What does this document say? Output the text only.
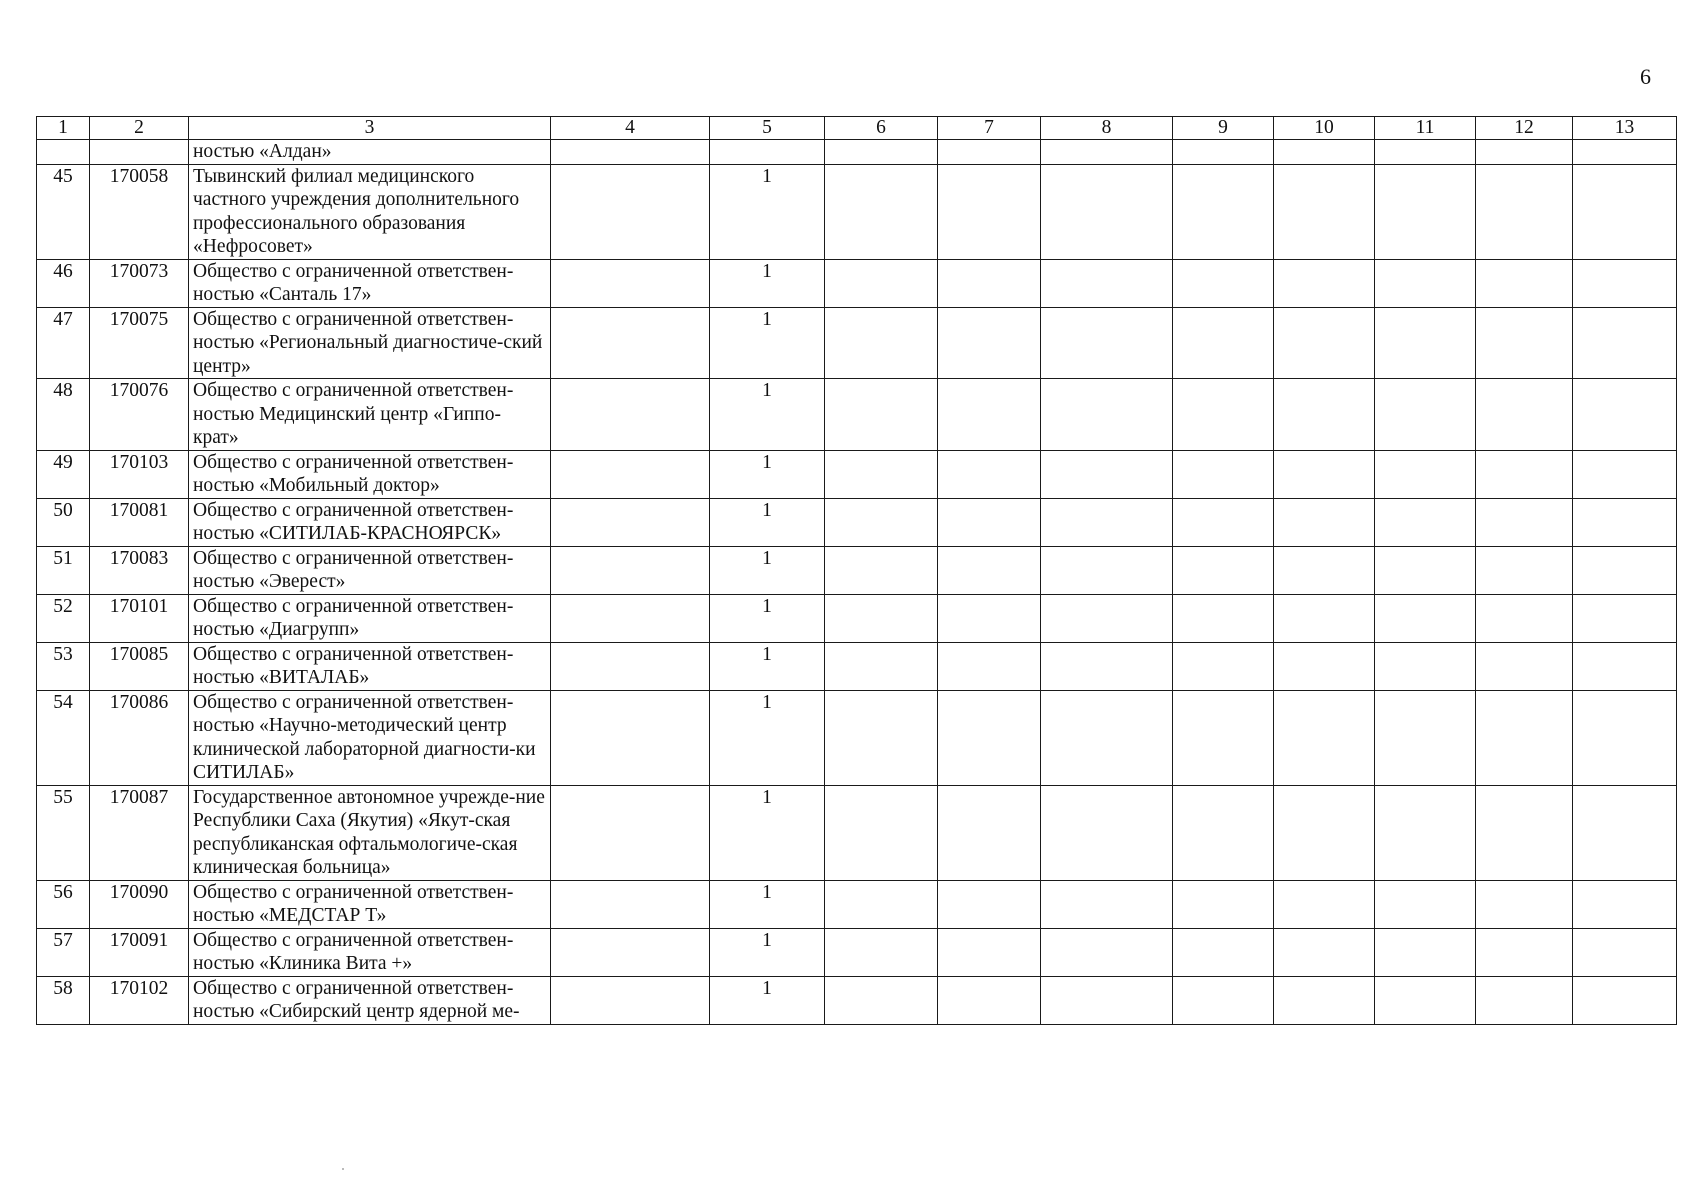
6
1	2	3	4	5	6	7	8	9	10	11	12	13
		ностью «Алдан»										
45	170058	Тывинский филиал медицинского частного учреждения дополнительного профессионального образования «Нефросовет»		1								
46	170073	Общество с ограниченной ответствен-ностью «Санталь 17»		1								
47	170075	Общество с ограниченной ответствен-ностью «Региональный диагностиче-ский центр»		1								
48	170076	Общество с ограниченной ответствен-ностью Медицинский центр «Гиппо-крат»		1								
49	170103	Общество с ограниченной ответствен-ностью «Мобильный доктор»		1								
50	170081	Общество с ограниченной ответствен-ностью «СИТИЛАБ-КРАСНОЯРСК»		1								
51	170083	Общество с ограниченной ответствен-ностью «Эверест»		1								
52	170101	Общество с ограниченной ответствен-ностью «Диагрупп»		1								
53	170085	Общество с ограниченной ответствен-ностью «ВИТАЛАБ»		1								
54	170086	Общество с ограниченной ответствен-ностью «Научно-методический центр клинической лабораторной диагности-ки СИТИЛАБ»		1								
55	170087	Государственное автономное учрежде-ние Республики Саха (Якутия) «Якут-ская республиканская офтальмологиче-ская клиническая больница»		1								
56	170090	Общество с ограниченной ответствен-ностью «МЕДСТАР Т»		1								
57	170091	Общество с ограниченной ответствен-ностью «Клиника Вита +»		1								
58	170102	Общество с ограниченной ответствен-ностью «Сибирский центр ядерной ме-		1								
